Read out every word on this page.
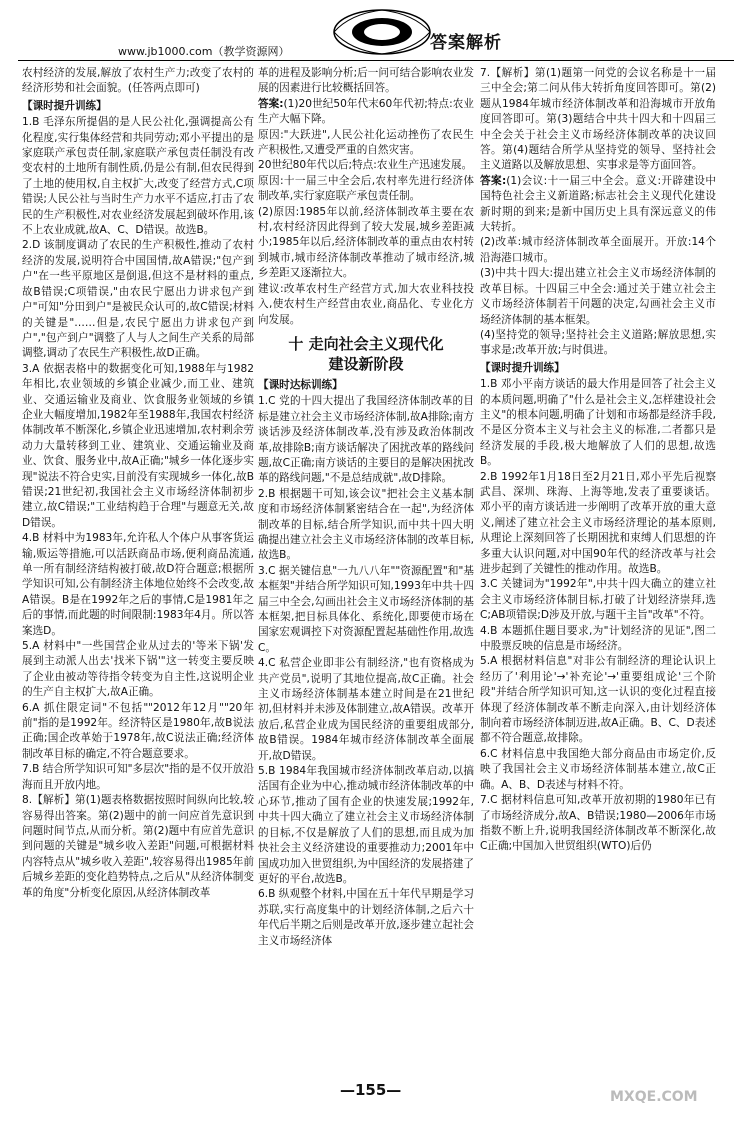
www.jb1000.com（教学资源网）	答案解析

农村经济的发展,解放了农村生产力;改变了农村的经济形势和社会面貌。(任答两点即可)

【课时提升训练】

1.B 毛泽东所提倡的是人民公社化,强调提高公有化程度,实行集体经营和共同劳动;邓小平提出的是家庭联产承包责任制,家庭联产承包责任制没有改变农村的土地所有制性质,仍是公有制,但农民得到了土地的使用权,自主权扩大,改变了经营方式,C项错误;人民公社与当时生产力水平不适应,打击了农民的生产积极性,对农业经济发展起到破坏作用,该不上农业成就,故A、C、D错误。故选B。

2.D 该制度调动了农民的生产积极性,推动了农村经济的发展,说明符合中国国情,故A错误;"包产到户"在一些平原地区是倒退,但这不是材料的重点,故B错误;C项错误,"由农民宁愿出力讲求包产到户"可知"分田到户"是被民众认可的,故C错误;材料的关键是"……但是,农民宁愿出力讲求包产到户","包产到户"调整了人与人之间生产关系的局部调整,调动了农民生产积极性,故D正确。

3.A 依据表格中的数据变化可知,1988年与1982年相比,农业领域的乡镇企业减少,而工业、建筑业、交通运输业及商业、饮食服务业领域的乡镇企业大幅度增加,1982年至1988年,我国农村经济体制改革不断深化,乡镇企业迅速增加,农村剩余劳动力大量转移到工业、建筑业、交通运输业及商业、饮食、服务业中,故A正确;"城乡一体化逐步实现"说法不符合史实,目前没有实现城乡一体化,故B错误;21世纪初,我国社会主义市场经济体制初步建立,故C错误;"工业结构趋于合理"与题意无关,故D错误。

4.B 材料中为1983年,允许私人个体户从事客货运输,贩运等措施,可以活跃商品市场,便利商品流通,单一所有制经济结构被打破,故D符合题意;根据所学知识可知,公有制经济主体地位始终不会改变,故A错误。B是在1992年之后的事情,C是1981年之后的事情,而此题的时间限制:1983年4月。所以答案选D。

5.A 材料中"一些国营企业从过去的'等米下锅'发展到主动派人出去'找米下锅'"这一转变主要反映了企业由被动等待指令转变为自主性,这说明企业的生产自主权扩大,故A正确。

6.A 抓住限定词"不包括""2012年12月""20年前"指的是1992年。经济特区是1980年,故B说法正确;国企改革始于1978年,故C说法正确;经济体制改革目标的确定,不符合题意要求。

7.B 结合所学知识可知"多层次"指的是不仅开放沿海而且开放内地。

8.【解析】第(1)题表格数据按照时间纵向比较,较容易得出答案。第(2)题中的前一问应首先意识到问题时间节点,从而分析。第(2)题中有应首先意识到问题的关键是"城乡收入差距"问题,可根据材料内容特点从"城乡收入差距",较容易得出1985年前后城乡差距的变化趋势特点,之后从"从经济体制变革的角度"分析变化原因,从经济体制改革

革的进程及影响分析;后一问可结合影响农业发展的因素进行比较概括回答。

答案:(1)20世纪50年代末60年代初;特点:农业生产大幅下降。

原因:"大跃进",人民公社化运动挫伤了农民生产积极性,又遭受严重的自然灾害。

20世纪80年代以后;特点:农业生产迅速发展。

原因:十一届三中全会后,农村率先进行经济体制改革,实行家庭联产承包责任制。

(2)原因:1985年以前,经济体制改革主要在农村,农村经济因此得到了较大发展,城乡差距减小;1985年以后,经济体制改革的重点由农村转到城市,城市经济体制改革推动了城市经济,城乡差距又逐渐拉大。

建议:改革农村生产经营方式,加大农业科技投入,使农村生产经营由农业,商品化、专业化方向发展。

十 走向社会主义现代化
建设新阶段

【课时达标训练】

1.C 党的十四大提出了我国经济体制改革的目标是建立社会主义市场经济体制,故A排除;南方谈话涉及经济体制改革,没有涉及政治体制改革,故排除B;南方谈话解决了困扰改革的路线问题,故C正确;南方谈话的主要目的是解决困扰改革的路线问题,"不是总结成就",故D排除。

2.B 根据题干可知,该会议"把社会主义基本制度和市场经济体制紧密结合在一起",为经济体制改革的目标,结合所学知识,而中共十四大明确提出建立社会主义市场经济体制的改革目标,故选B。

3.C 据关键信息"一九八八年""资源配置"和"基本框架"并结合所学知识可知,1993年中共十四届三中全会,勾画出社会主义市场经济体制的基本框架,把目标具体化、系统化,即要使市场在国家宏观调控下对资源配置起基础性作用,故选C。

4.C 私营企业即非公有制经济,"也有资格成为共产党员",说明了其地位提高,故C正确。社会主义市场经济体制基本建立时间是在21世纪初,但材料并未涉及体制建立,故A错误。改革开放后,私营企业成为国民经济的重要组成部分,故B错误。1984年城市经济体制改革全面展开,故D错误。

5.B 1984年我国城市经济体制改革启动,以搞活国有企业为中心,推动城市经济体制改革的中心环节,推动了国有企业的快速发展;1992年,中共十四大确立了建立社会主义市场经济体制的目标,不仅是解放了人们的思想,而且成为加快社会主义经济建设的重要推动力;2001年中国成功加入世贸组织,为中国经济的发展搭建了更好的平台,故选B。

6.B 纵观整个材料,中国在五十年代早期是学习苏联,实行高度集中的计划经济体制,之后六十年代后半期之后则是改革开放,逐步建立起社会主义市场经济体

7.【解析】第(1)题第一问党的会议名称是十一届三中全会;第二问从伟大转折角度回答即可。第(2)题从1984年城市经济体制改革和沿海城市开放角度回答即可。第(3)题结合中共十四大和十四届三中全会关于社会主义市场经济体制改革的决议回答。第(4)题结合所学从坚持党的领导、坚持社会主义道路以及解放思想、实事求是等方面回答。

答案:(1)会议:十一届三中全会。意义:开辟建设中国特色社会主义新道路;标志社会主义现代化建设新时期的到来;是新中国历史上具有深远意义的伟大转折。

(2)改革:城市经济体制改革全面展开。开放:14个沿海港口城市。

(3)中共十四大:提出建立社会主义市场经济体制的改革目标。十四届三中全会:通过关于建立社会主义市场经济体制若干问题的决定,勾画社会主义市场经济体制的基本框架。

(4)坚持党的领导;坚持社会主义道路;解放思想,实事求是;改革开放;与时俱进。

【课时提升训练】

1.B 邓小平南方谈话的最大作用是回答了社会主义的本质问题,明确了"什么是社会主义,怎样建设社会主义"的根本问题,明确了计划和市场都是经济手段,不是区分资本主义与社会主义的标准,二者都只是经济发展的手段,极大地解放了人们的思想,故选B。

2.B 1992年1月18日至2月21日,邓小平先后视察武昌、深圳、珠海、上海等地,发表了重要谈话。邓小平的南方谈话进一步阐明了改革开放的重大意义,阐述了建立社会主义市场经济理论的基本原则,从理论上深刻回答了长期困扰和束缚人们思想的许多重大认识问题,对中国90年代的经济改革与社会进步起到了关键性的推动作用。故选B。

3.C 关键词为"1992年",中共十四大确立的建立社会主义市场经济体制目标,打破了计划经济崇拜,选C;AB项错误;D涉及开放,与题干主旨"改革"不符。

4.B 本题抓住题目要求,为"计划经济的见证",图二中股票反映的信息是市场经济。

5.A 根据材料信息"对非公有制经济的理论认识上经历了'利用论'→'补充论'→'重要组成论'三个阶段"并结合所学知识可知,这一认识的变化过程直接体现了经济体制改革不断走向深入,由计划经济体制向着市场经济体制迈进,故A正确。B、C、D表述都不符合题意,故排除。

6.C 材料信息中我国绝大部分商品由市场定价,反映了我国社会主义市场经济体制基本建立,故C正确。A、B、D表述与材料不符。

7.C 据材料信息可知,改革开放初期的1980年已有了市场经济成分,故A、B错误;1980—2006年市场指数不断上升,说明我国经济体制改革不断深化,故C正确;中国加入世贸组织(WTO)后仍

—155—	MXQE.COM
